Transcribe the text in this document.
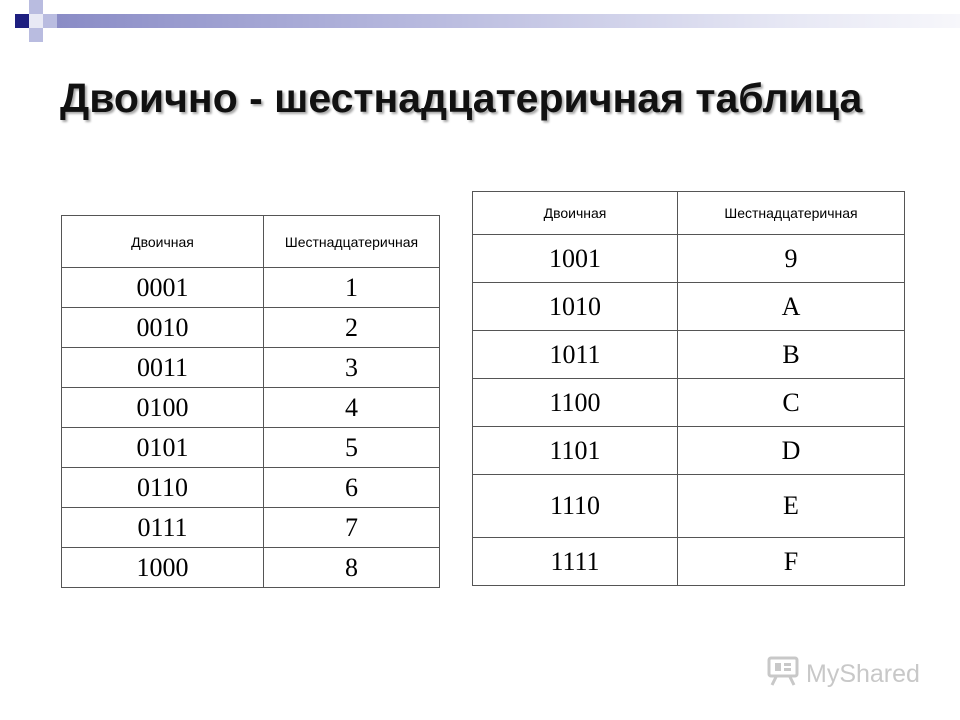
Двоично - шестнадцатеричная таблица
Двоичная	Шестнадцатеричная
0001	1
0010	2
0011	3
0100	4
0101	5
0110	6
0111	7
1000	8
Двоичная	Шестнадцатеричная
1001	9
1010	A
1011	B
1100	C
1101	D
1110	E
1111	F
MyShared
